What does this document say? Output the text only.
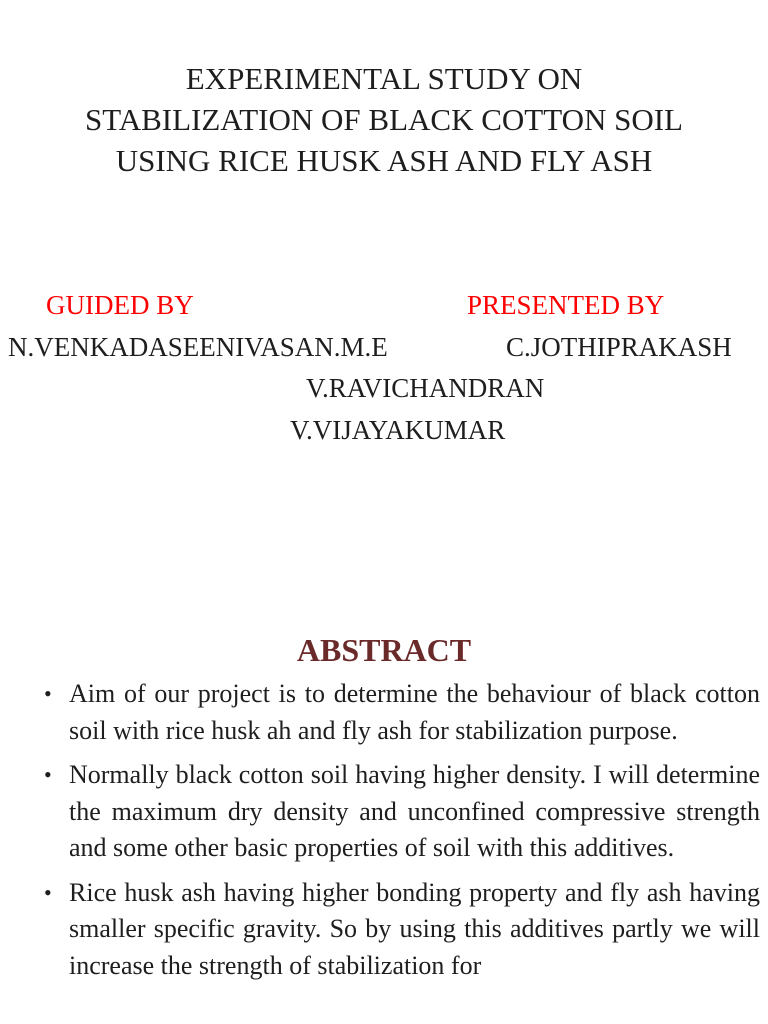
EXPERIMENTAL STUDY ON
STABILIZATION OF BLACK COTTON SOIL
USING RICE HUSK ASH AND FLY ASH

GUIDED BY	PRESENTED BY

N.VENKADASEENIVASAN.M.E	C.JOTHIPRAKASH
V.RAVICHANDRAN
V.VIJAYAKUMAR
ABSTRACT
• Aim of our project is to determine the behaviour of black cotton soil with rice husk ah and fly ash for stabilization purpose.
• Normally black cotton soil having higher density. I will determine the maximum dry density and unconfined compressive strength and some other basic properties of soil with this additives.
• Rice husk ash having higher bonding property and fly ash having smaller specific gravity. So by using this additives partly we will increase the strength of stabilization for
